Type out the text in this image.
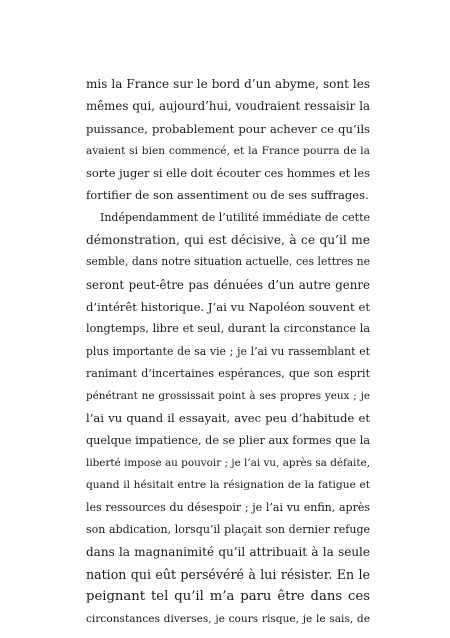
mis la France sur le bord d’un abyme, sont les
mêmes qui, aujourd’hui, voudraient ressaisir la
puissance, probablement pour achever ce qu’ils
avaient si bien commencé, et la France pourra de la
sorte juger si elle doit écouter ces hommes et les
fortifier de son assentiment ou de ses suffrages.
Indépendamment de l’utilité immédiate de cette
démonstration, qui est décisive, à ce qu’il me
semble, dans notre situation actuelle, ces lettres ne
seront peut-être pas dénuées d’un autre genre
d’intérêt historique. J’ai vu Napoléon souvent et
longtemps, libre et seul, durant la circonstance la
plus importante de sa vie ; je l’ai vu rassemblant et
ranimant d’incertaines espérances, que son esprit
pénétrant ne grossissait point à ses propres yeux ; je
l’ai vu quand il essayait, avec peu d’habitude et
quelque impatience, de se plier aux formes que la
liberté impose au pouvoir ; je l’ai vu, après sa défaite,
quand il hésitait entre la résignation de la fatigue et
les ressources du désespoir ; je l’ai vu enfin, après
son abdication, lorsqu’il plaçait son dernier refuge
dans la magnanimité qu’il attribuait à la seule
nation qui eût persévéré à lui résister. En le
peignant tel qu’il m’a paru être dans ces
circonstances diverses, je cours risque, je le sais, de
